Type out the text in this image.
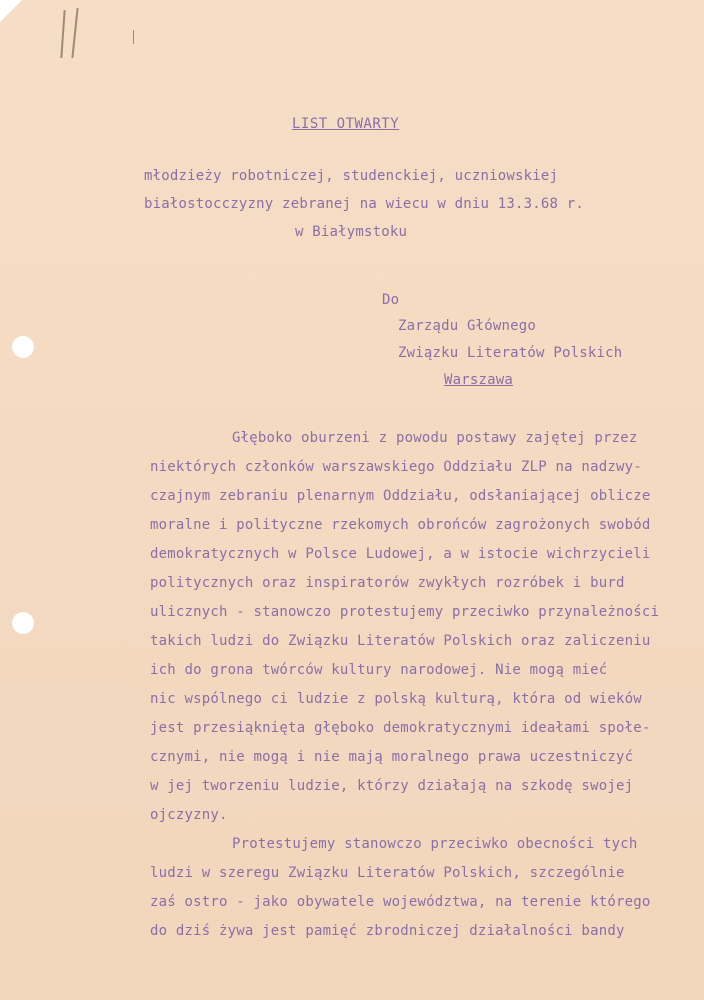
LIST OTWARTY
młodzieży robotniczej, studenckiej, uczniowskiej
białostocczyzny zebranej na wiecu w dniu 13.3.68 r.
w Białymstoku
Do
Zarządu Głównego
Związku Literatów Polskich
Warszawa
Głęboko oburzeni z powodu postawy zajętej przez
niektórych członków warszawskiego Oddziału ZLP na nadzwy-
czajnym zebraniu plenarnym Oddziału, odsłaniającej oblicze
moralne i polityczne rzekomych obrońców zagrożonych swobód
demokratycznych w Polsce Ludowej, a w istocie wichrzycieli
politycznych oraz inspiratorów zwykłych rozróbek i burd
ulicznych - stanowczo protestujemy przeciwko przynależności
takich ludzi do Związku Literatów Polskich oraz zaliczeniu
ich do grona twórców kultury narodowej. Nie mogą mieć
nic wspólnego ci ludzie z polską kulturą, która od wieków
jest przesiąknięta głęboko demokratycznymi ideałami społe-
cznymi, nie mogą i nie mają moralnego prawa uczestniczyć
w jej tworzeniu ludzie, którzy działają na szkodę swojej
ojczyzny.
Protestujemy stanowczo przeciwko obecności tych
ludzi w szeregu Związku Literatów Polskich, szczególnie
zaś ostro - jako obywatele województwa, na terenie którego
do dziś żywa jest pamięć zbrodniczej działalności bandy
